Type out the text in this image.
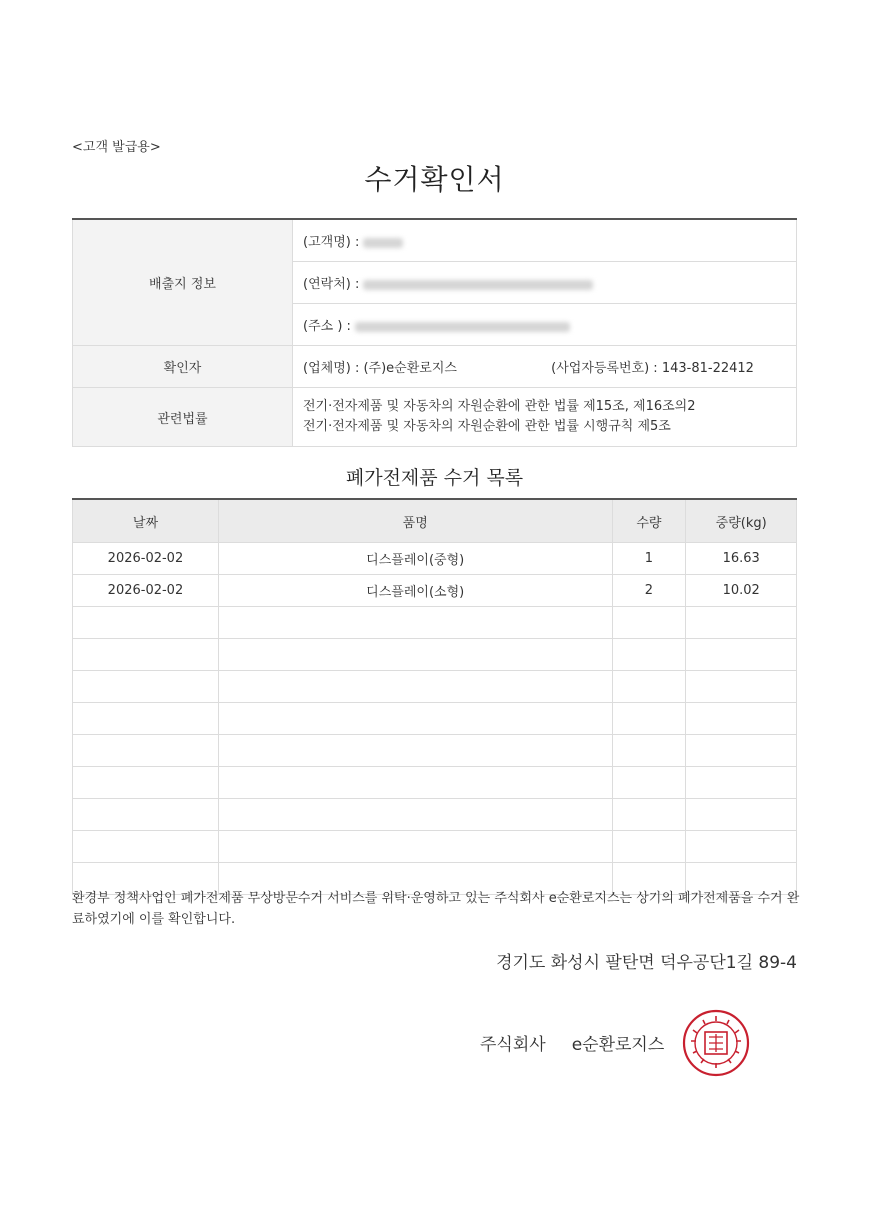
<고객 발급용>
수거확인서
배출지 정보	(고객명) :
	(연락처) :
	(주소 ) :
확인자	(업체명) : (주)e순환로지스 (사업자등록번호) : 143-81-22412
관련법률	전기·전자제품 및 자동차의 자원순환에 관한 법률 제15조, 제16조의2
전기·전자제품 및 자동차의 자원순환에 관한 법률 시행규칙 제5조
폐가전제품 수거 목록
날짜	품명	수량	중량(kg)
2026-02-02	디스플레이(중형)	1	16.63
2026-02-02	디스플레이(소형)	2	10.02

환경부 정책사업인 폐가전제품 무상방문수거 서비스를 위탁·운영하고 있는 주식회사 e순환로지스는 상기의 폐가전제품을 수거 완료하였기에 이를 확인합니다.
경기도 화성시 팔탄면 덕우공단1길 89-4
주식회사 e순환로지스
